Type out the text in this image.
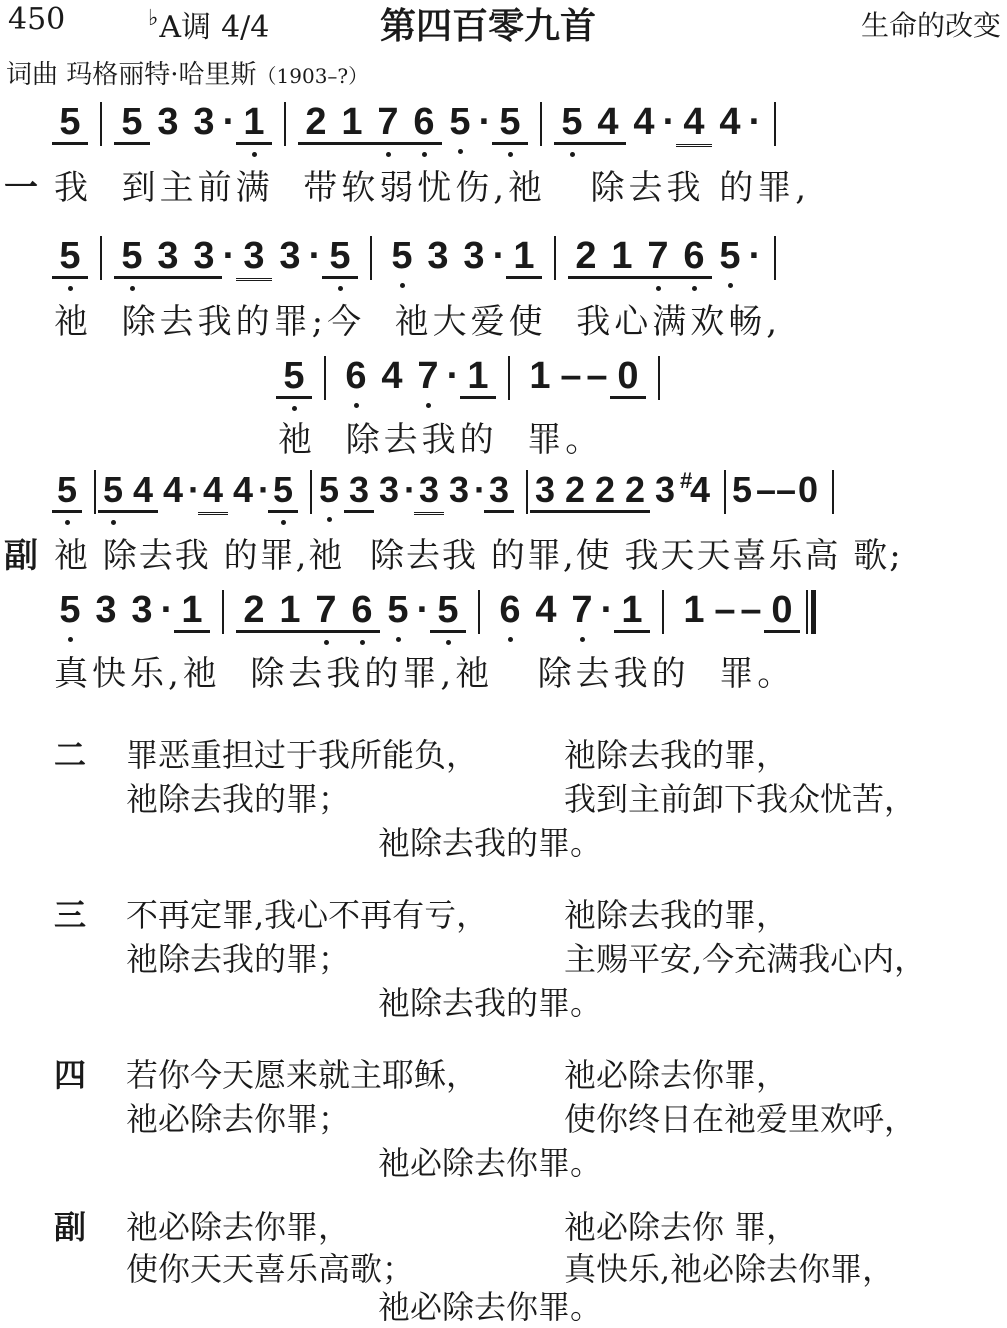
450	♭A调 4/4	第四百零九首	生命的改变
词曲 玛格丽特·哈里斯（1903–?）
5 5 3 3 · 1 2 1 7 6 5 · 5 5 4 4 · 4 4 ·
一 我  到主前满  带软弱忧伤,祂   除去我 的罪,
5 5 3 3 · 3 3 · 5 5 3 3 · 1 2 1 7 6 5 ·
祂  除去我的罪;今  祂大爱使  我心满欢畅,
5 6 4 7 · 1 1 – – 0
祂  除去我的  罪。
5 5 4 4 · 4 4 · 5 5 3 3 · 3 3 · 3 3 2 2 2 3 #
4 5 – – 0
副 祂 除去我 的罪,祂  除去我 的罪,使 我天天喜乐高 歌;
5 3 3 · 1 2 1 7 6 5 · 5 6 4 7 · 1 1 – – 0
真快乐,祂  除去我的罪,祂   除去我的  罪。
二 罪恶重担过于我所能负，	祂除去我的罪，
祂除去我的罪；	我到主前卸下我众忧苦，
祂除去我的罪。
三 不再定罪,我心不再有亏， 祂除去我的罪，
祂除去我的罪；	主赐平安,今充满我心内，
祂除去我的罪。
四 若你今天愿来就主耶稣，	祂必除去你罪，
祂必除去你罪；	使你终日在祂爱里欢呼，
祂必除去你罪。
副 祂必除去你罪，	祂必除去你 罪，
使你天天喜乐高歌；	真快乐,祂必除去你罪，
祂必除去你罪。
